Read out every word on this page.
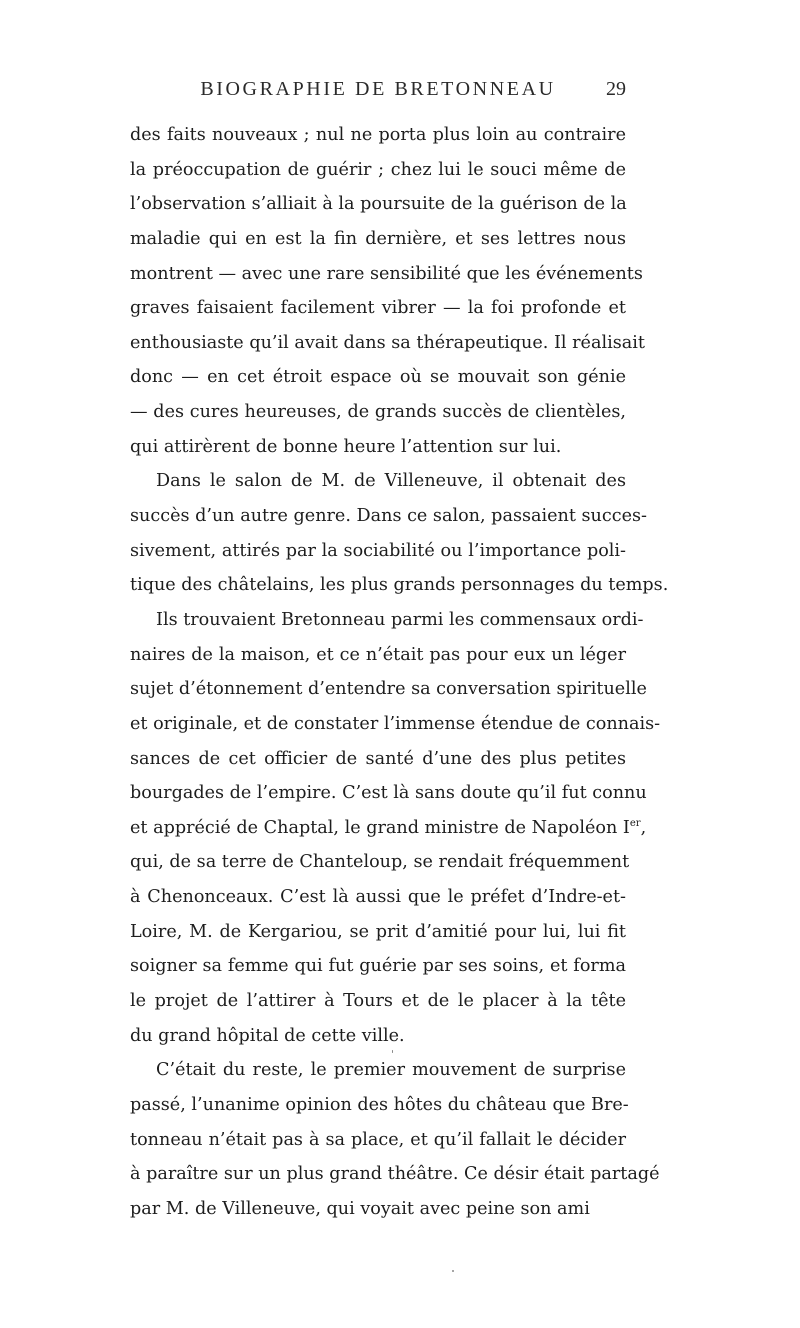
BIOGRAPHIE DE BRETONNEAU	29
des faits nouveaux ; nul ne porta plus loin au contraire
la préoccupation de guérir ; chez lui le souci même de
l’observation s’alliait à la poursuite de la guérison de la
maladie qui en est la fin dernière, et ses lettres nous
montrent — avec une rare sensibilité que les événements
graves faisaient facilement vibrer — la foi profonde et
enthousiaste qu’il avait dans sa thérapeutique. Il réalisait
donc — en cet étroit espace où se mouvait son génie
— des cures heureuses, de grands succès de clientèles,
qui attirèrent de bonne heure l’attention sur lui.
Dans le salon de M. de Villeneuve, il obtenait des
succès d’un autre genre. Dans ce salon, passaient succes-
sivement, attirés par la sociabilité ou l’importance poli-
tique des châtelains, les plus grands personnages du temps.
Ils trouvaient Bretonneau parmi les commensaux ordi-
naires de la maison, et ce n’était pas pour eux un léger
sujet d’étonnement d’entendre sa conversation spirituelle
et originale, et de constater l’immense étendue de connais-
sances de cet officier de santé d’une des plus petites
bourgades de l’empire. C’est là sans doute qu’il fut connu
et apprécié de Chaptal, le grand ministre de Napoléon Ier,
qui, de sa terre de Chanteloup, se rendait fréquemment
à Chenonceaux. C’est là aussi que le préfet d’Indre-et-
Loire, M. de Kergariou, se prit d’amitié pour lui, lui fit
soigner sa femme qui fut guérie par ses soins, et forma
le projet de l’attirer à Tours et de le placer à la tête
du grand hôpital de cette ville.
C’était du reste, le premier mouvement de surprise
passé, l’unanime opinion des hôtes du château que Bre-
tonneau n’était pas à sa place, et qu’il fallait le décider
à paraître sur un plus grand théâtre. Ce désir était partagé
par M. de Villeneuve, qui voyait avec peine son ami
